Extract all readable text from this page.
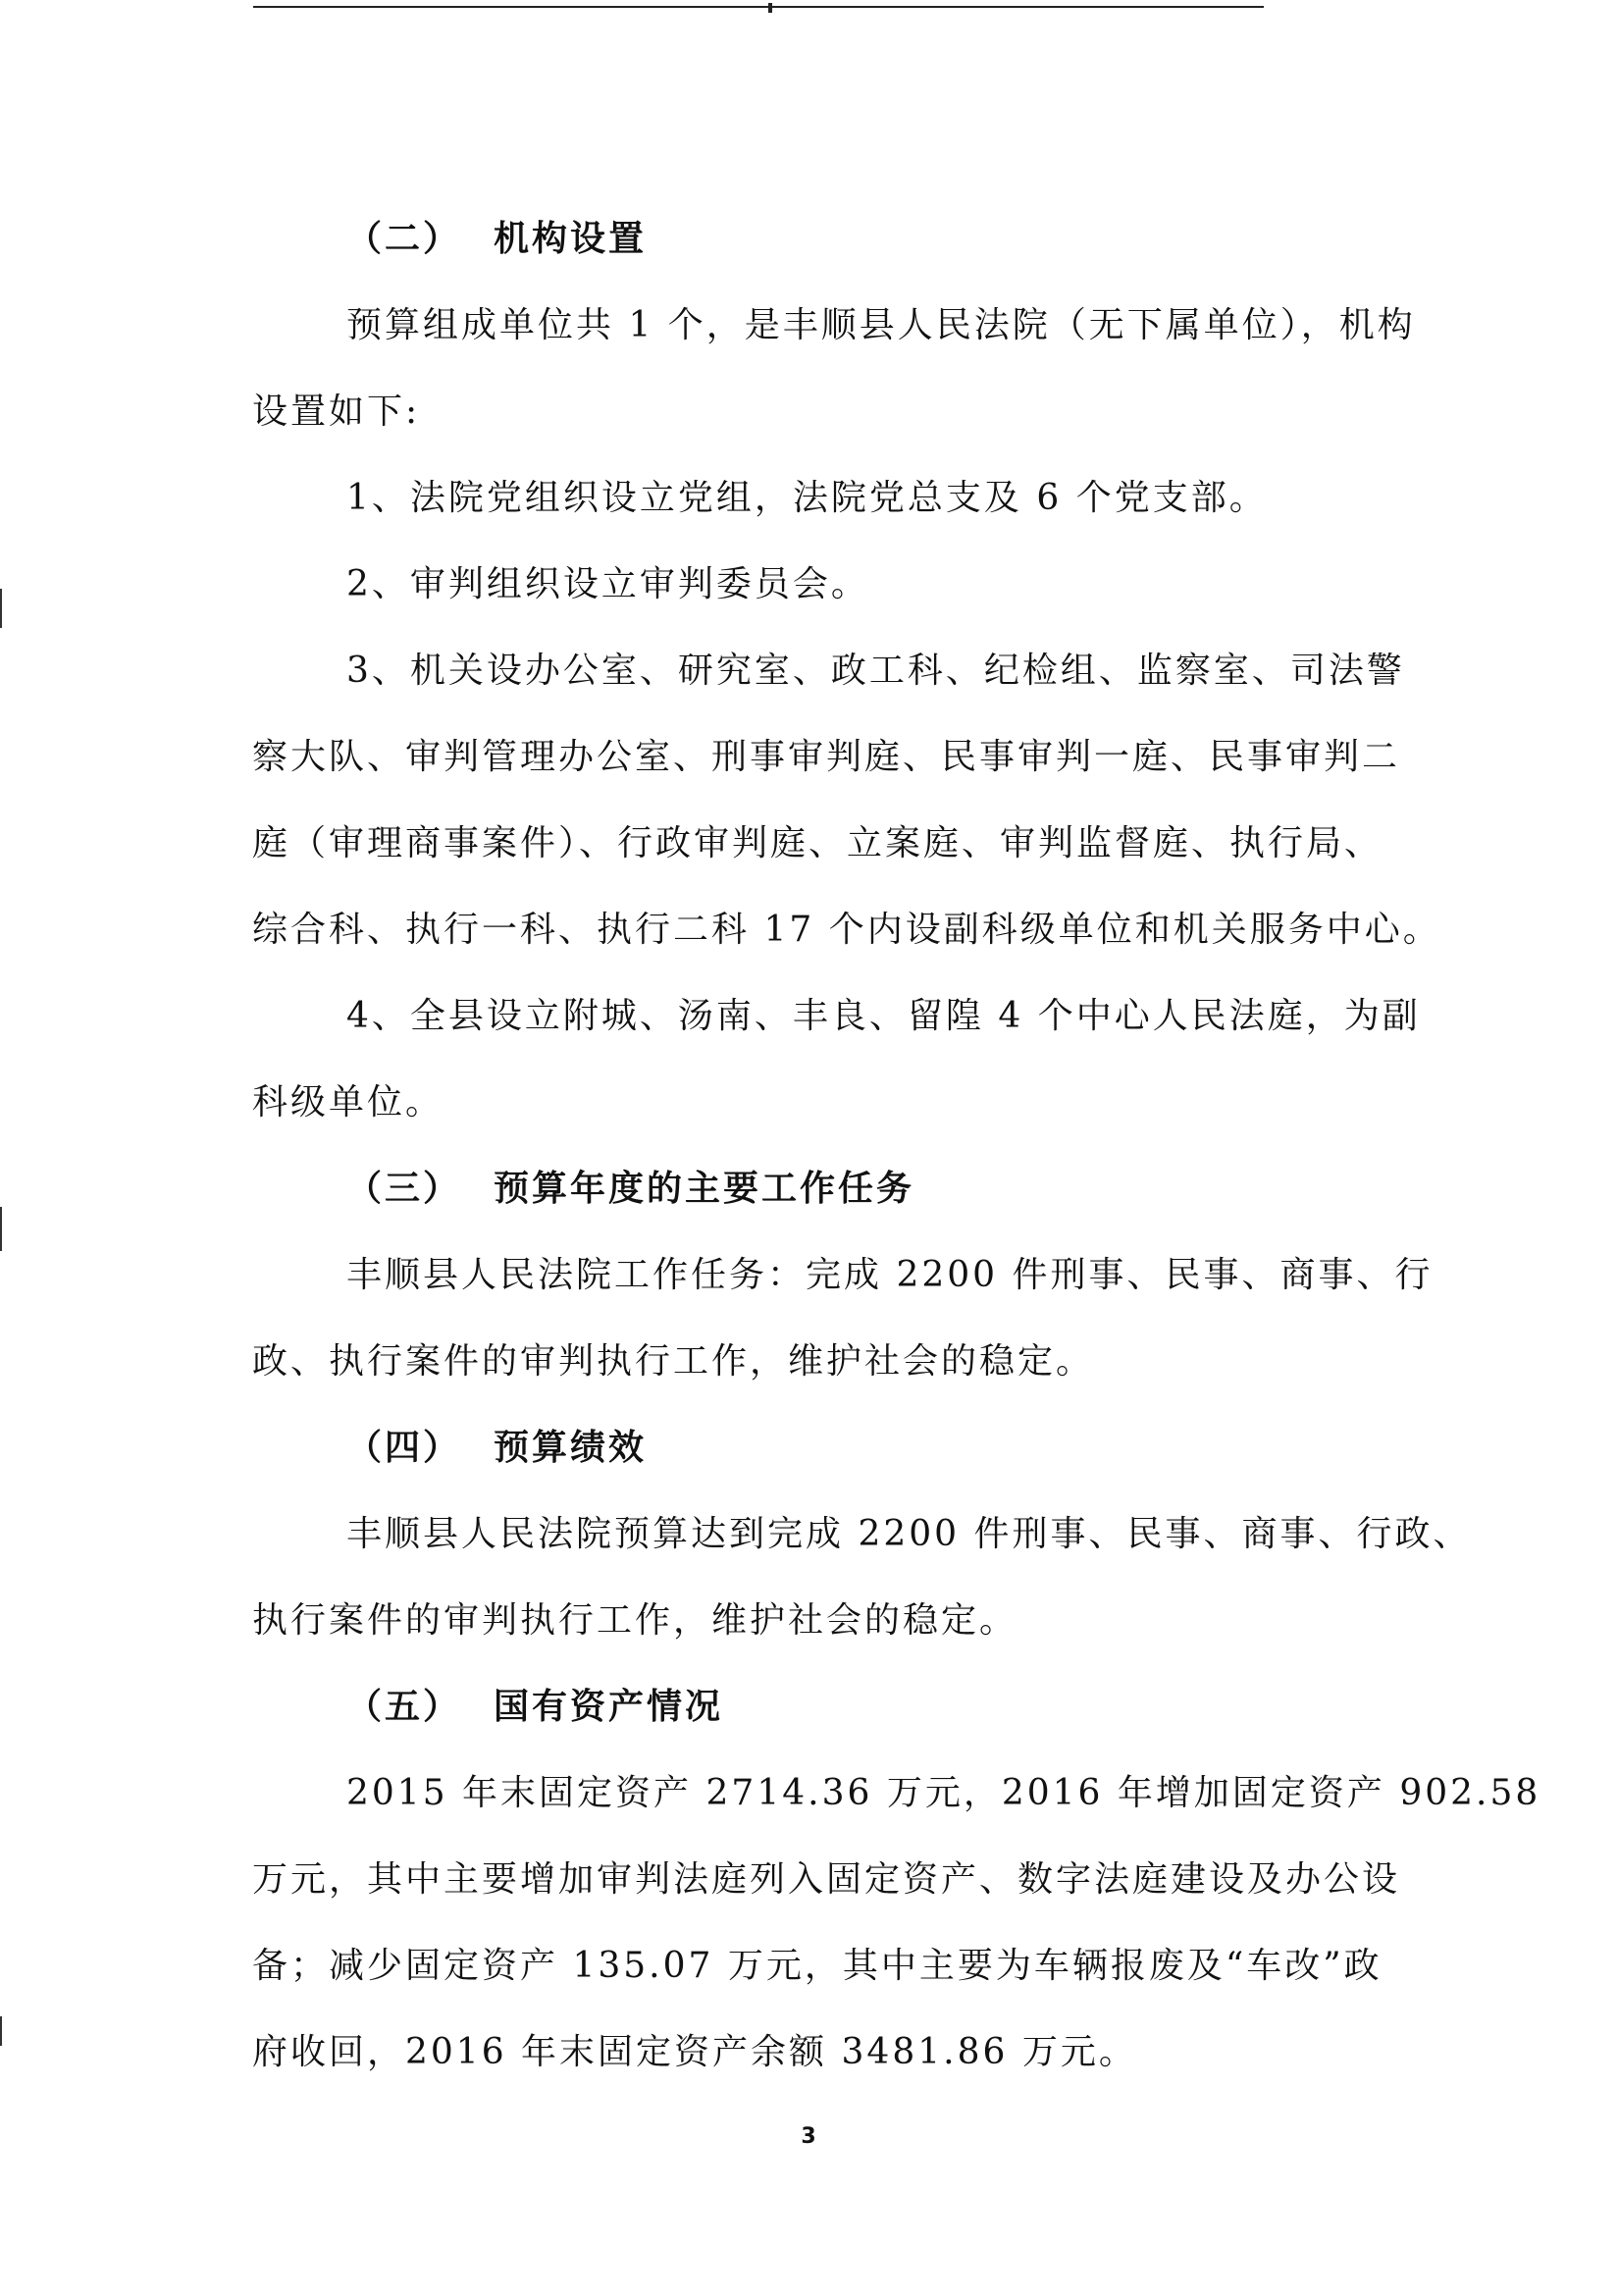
（二） 机构设置
预算组成单位共 1 个，是丰顺县人民法院（无下属单位），机构
设置如下:
1、法院党组织设立党组，法院党总支及 6 个党支部。
2、审判组织设立审判委员会。
3、机关设办公室、研究室、政工科、纪检组、监察室、司法警
察大队、审判管理办公室、刑事审判庭、民事审判一庭、民事审判二
庭（审理商事案件）、行政审判庭、立案庭、审判监督庭、执行局、
综合科、执行一科、执行二科 17 个内设副科级单位和机关服务中心。
4、全县设立附城、汤南、丰良、留隍 4 个中心人民法庭，为副
科级单位。
（三） 预算年度的主要工作任务
丰顺县人民法院工作任务：完成 2200 件刑事、民事、商事、行
政、执行案件的审判执行工作，维护社会的稳定。
（四） 预算绩效
丰顺县人民法院预算达到完成 2200 件刑事、民事、商事、行政、
执行案件的审判执行工作，维护社会的稳定。
（五） 国有资产情况
2015 年末固定资产 2714.36 万元，2016 年增加固定资产 902.58
万元，其中主要增加审判法庭列入固定资产、数字法庭建设及办公设
备；减少固定资产 135.07 万元，其中主要为车辆报废及“车改”政
府收回，2016 年末固定资产余额 3481.86 万元。
3
